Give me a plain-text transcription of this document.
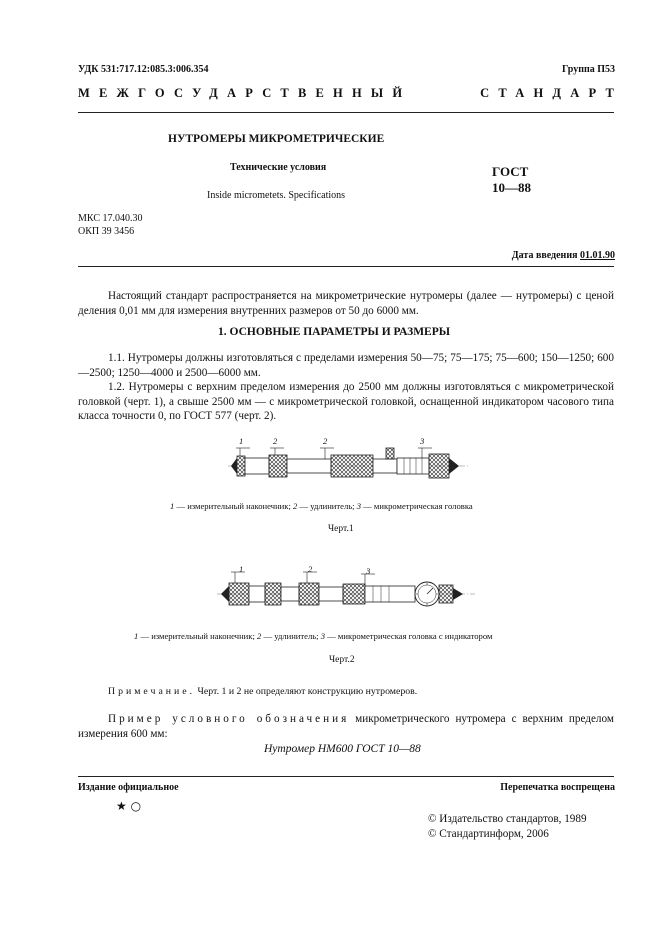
УДК 531:717.12:085.3:006.354	Группа П53
МЕЖГОСУДАРСТВЕННЫЙ	СТАНДАРТ
НУТРОМЕРЫ МИКРОМЕТРИЧЕСКИЕ
Технические условия
Inside micrometets. Specifications
ГОСТ
10—88
МКС 17.040.30
ОКП 39 3456
Дата введения 01.01.90
Настоящий стандарт распространяется на микрометрические нутромеры (далее — нутромеры) с ценой деления 0,01 мм для измерения внутренних размеров от 50 до 6000 мм.
1. ОСНОВНЫЕ ПАРАМЕТРЫ И РАЗМЕРЫ
1.1. Нутромеры должны изготовляться с пределами измерения 50—75; 75—175; 75—600; 150—1250; 600—2500; 1250—4000 и 2500—6000 мм.
1.2. Нутромеры с верхним пределом измерения до 2500 мм должны изготовляться с микрометрической головкой (черт. 1), а свыше 2500 мм — с микрометрической головкой, оснащенной индикатором часового типа класса точности 0, по ГОСТ 577 (черт. 2).
1	2	2	3
1 — измерительный наконечник; 2 — удлинитель; 3 — микрометрическая головка
Черт.1
1	2	3
1 — измерительный наконечник; 2 — удлинитель; 3 — микрометрическая головка с индикатором
Черт.2
Примечание. Черт. 1 и 2 не определяют конструкцию нутромеров.
Пример условного обозначения микрометрического нутромера с верхним пределом измерения 600 мм:
Нутромер НМ600 ГОСТ 10—88
Издание официальное	Перепечатка воспрещена
★ ○
© Издательство стандартов, 1989
© Стандартинформ, 2006
